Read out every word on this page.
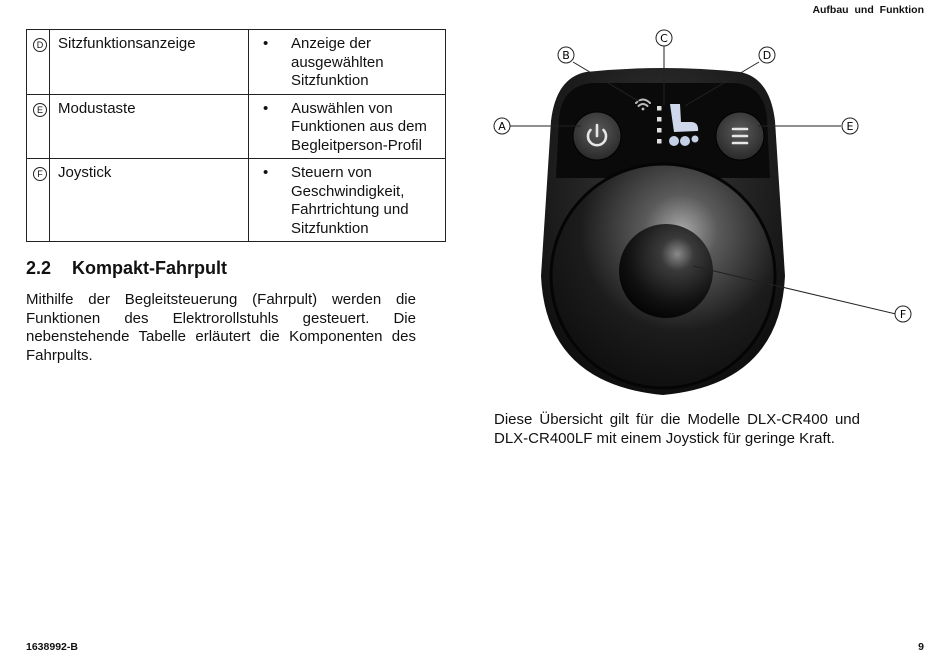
Aufbau und Funktion
D	Sitzfunktionsanzeige	• Anzeige der
ausgewählten
Sitzfunktion

E	Modustaste	• Auswählen von
Funktionen aus dem
Begleitperson-Profil

F	Joystick	• Steuern von
Geschwindigkeit,
Fahrtrichtung und
Sitzfunktion
2.2 Kompakt-Fahrpult

Mithilfe der Begleitsteuerung (Fahrpult) werden die Funktionen des Elektrorollstuhls gesteuert. Die nebenstehende Tabelle erläutert die Komponenten des Fahrpults.

A
B
C
D
E
F

Diese Übersicht gilt für die Modelle DLX-CR400 und DLX-CR400LF mit einem Joystick für geringe Kraft.

1638992-B	9
